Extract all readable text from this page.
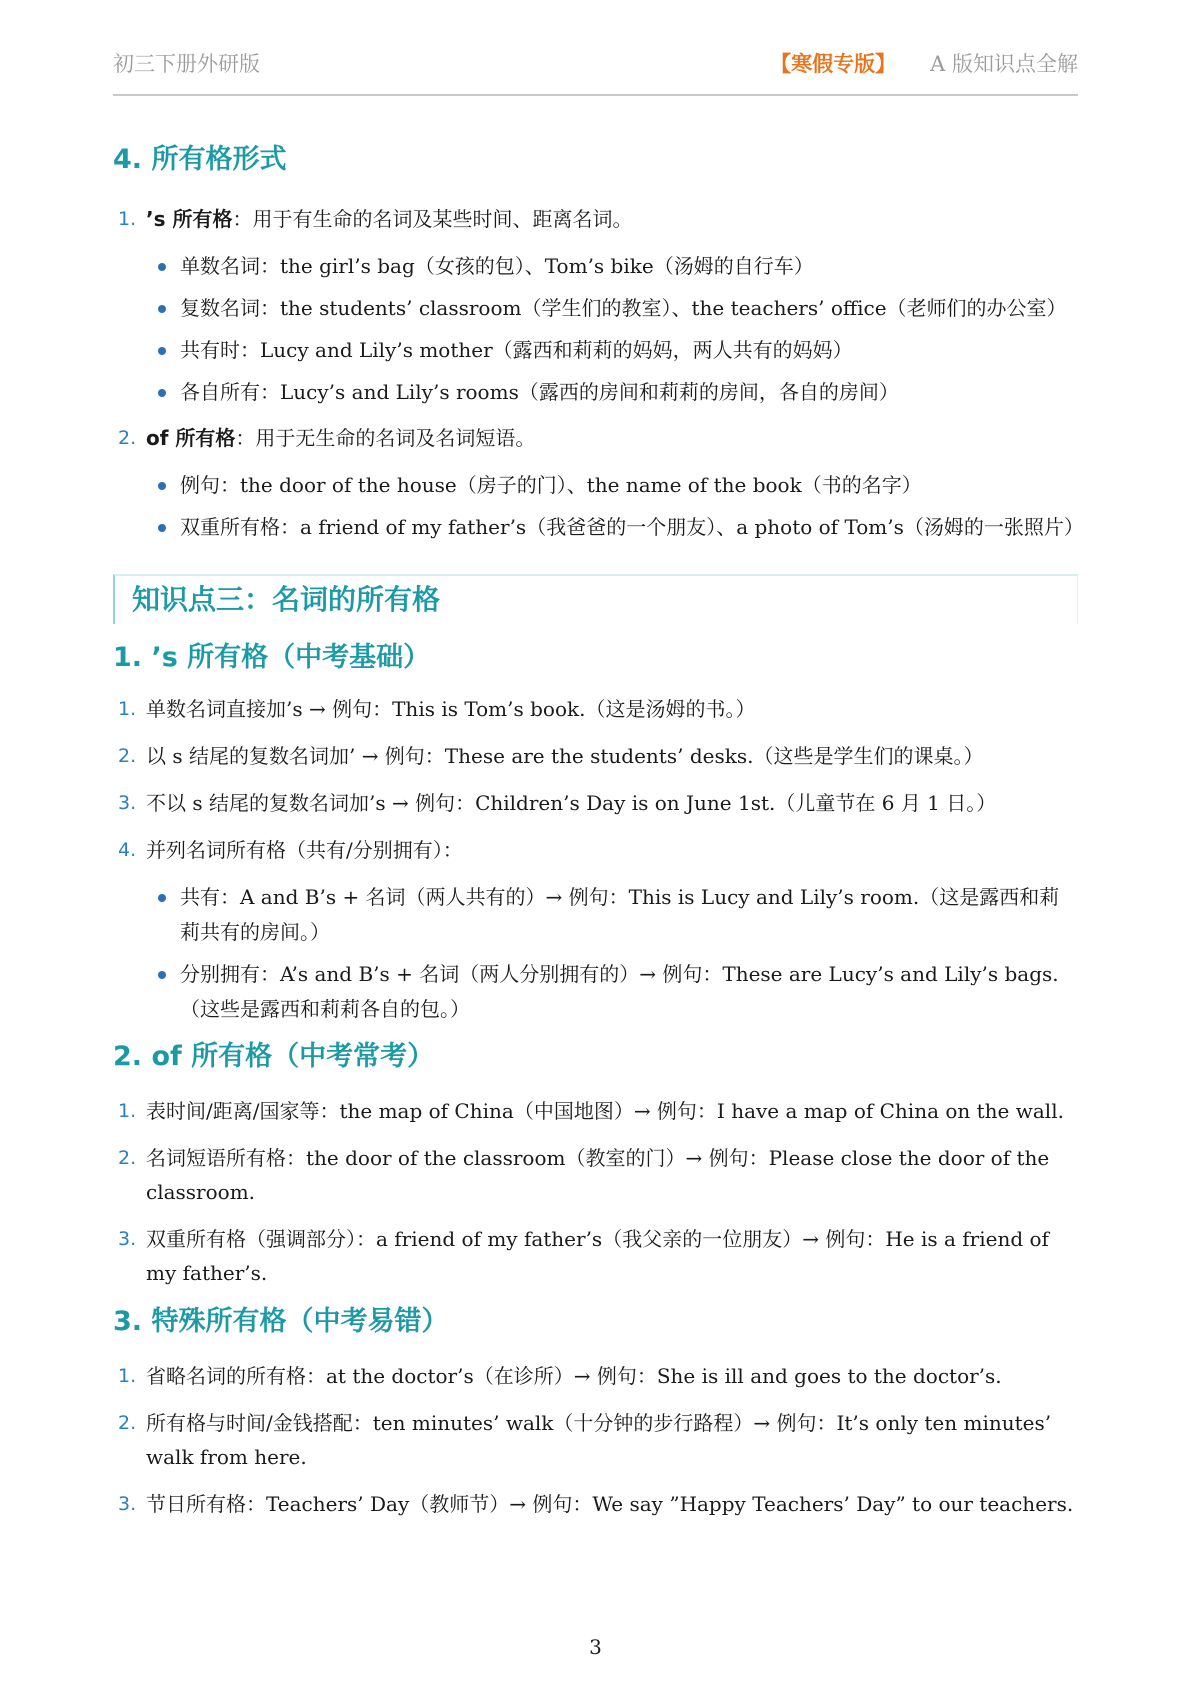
初三下册外研版	【寒假专版】 A 版知识点全解
4. 所有格形式
1. ’s 所有格：用于有生命的名词及某些时间、距离名词。
单数名词：the girl’s bag（女孩的包）、Tom’s bike（汤姆的自行车）
复数名词：the students’ classroom（学生们的教室）、the teachers’ office（老师们的办公室）
共有时：Lucy and Lily’s mother（露西和莉莉的妈妈，两人共有的妈妈）
各自所有：Lucy’s and Lily’s rooms（露西的房间和莉莉的房间，各自的房间）
2. of 所有格：用于无生命的名词及名词短语。
例句：the door of the house（房子的门）、the name of the book（书的名字）
双重所有格：a friend of my father’s（我爸爸的一个朋友）、a photo of Tom’s（汤姆的一张照片）
知识点三：名词的所有格
1. ’s 所有格（中考基础）
1. 单数名词直接加’s → 例句：This is Tom’s book.（这是汤姆的书。）
2. 以 s 结尾的复数名词加’ → 例句：These are the students’ desks.（这些是学生们的课桌。）
3. 不以 s 结尾的复数名词加’s → 例句：Children’s Day is on June 1st.（儿童节在 6 月 1 日。）
4. 并列名词所有格（共有/分别拥有）：
共有：A and B’s + 名词（两人共有的）→ 例句：This is Lucy and Lily’s room.（这是露西和莉莉共有的房间。）
分别拥有：A’s and B’s + 名词（两人分别拥有的）→ 例句：These are Lucy’s and Lily’s bags.（这些是露西和莉莉各自的包。）
2. of 所有格（中考常考）
1. 表时间/距离/国家等：the map of China（中国地图）→ 例句：I have a map of China on the wall.
2. 名词短语所有格：the door of the classroom（教室的门）→ 例句：Please close the door of the classroom.
3. 双重所有格（强调部分）：a friend of my father’s（我父亲的一位朋友）→ 例句：He is a friend of my father’s.
3. 特殊所有格（中考易错）
1. 省略名词的所有格：at the doctor’s（在诊所）→ 例句：She is ill and goes to the doctor’s.
2. 所有格与时间/金钱搭配：ten minutes’ walk（十分钟的步行路程）→ 例句：It’s only ten minutes’ walk from here.
3. 节日所有格：Teachers’ Day（教师节）→ 例句：We say ”Happy Teachers’ Day” to our teachers.
3
